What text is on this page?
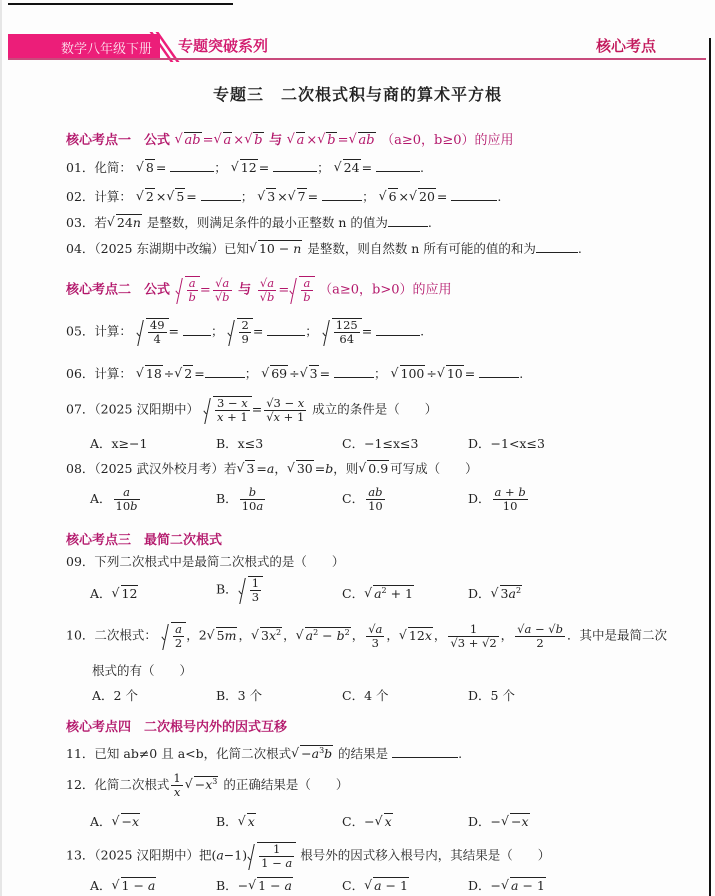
数学八年级下册 专题突破系列	核心考点
专题三　二次根式积与商的算术平方根
核心考点一　公式 √ ab = √ a × √ b 与 √ a × √ b = √ ab （a≥0，b≥0）的应用
01．化简： √ 8 =	； √ 12 =	； √ 24 =	.
02．计算： √ 2 × √ 5 =	； √ 3 × √ 7 =	； √ 6 × √ 20 =	.
03．若 √ 24n 是整数，则满足条件的最小正整数 n 的值为	.
04．（2025 东湖期中改编）已知 √ 10 − n 是整数，则自然数 n 所有可能的值的和为	.
核心考点二　公式 $\frac{a}{b} = \frac{√a}{√b}$ 与 $\frac{√a}{√b} = \frac{a}{b} (a\ge 0$，b>0）的应用
05．计算： $\frac{49}{4}$ = ； $\frac{2}{9}$ =	； $\frac{125}{64}$ =	.
06．计算： √ 18 ÷ √ 2 =	； √ 69 ÷ √ 3 =	； √ 100 ÷ √ 10 =	.
07．（2025 汉阳期中） $\frac{3 - x}{x + 1} = \frac{√3 - x}{√x + 1}$ 成立的条件是（　　）
A．x≥−1	B．x≤3	C．−1≤x≤3	D．−1<x≤3
08．（2025 武汉外校月考）若 √ 3 =a， √ 30 =b，则 √ 0.9 可写成（　　）
A． $\frac{a}{10b}$	B． $\frac{b}{10a}$	C． $\frac{ab}{10}$	D． $\frac{a + b}{10}$
核心考点三　最简二次根式
09．下列二次根式中是最简二次根式的是（　　）
A． √ 12	B． $\frac{1}{3}$	C． √ $a^2 + 1$	D． √ $3a^2$
10．二次根式： $\frac{a}{2}$ ，2 √ 5m ， √ $3x^2$ ， √ $a^2 - b^2$ ， $\frac{√a}{3}$ ， √ 12x ， $\frac{1}{√3 + √2}$ ， $\frac{√a - √b}{2}$ ．其中是最简二次
根式的有（　　）
A．2 个	B．3 个	C．4 个	D．5 个
核心考点四　二次根号内外的因式互移
11．已知 ab≠0 且 a<b，化简二次根式 √ $-a^3b$ 的结果是	.
12．化简二次根式 $\frac{1}{x}$ √ $-x^3$ 的正确结果是（　　）
A． √ −x	B． √ x	C．− √ x	D．− √ −x
13．（2025 汉阳期中）把$(a-1) \frac{1}{1 - a}$ 根号外的因式移入根号内，其结果是（　　）
A． √ 1 − a	B．− √ 1 − a	C． √ a − 1	D．− √ a − 1
